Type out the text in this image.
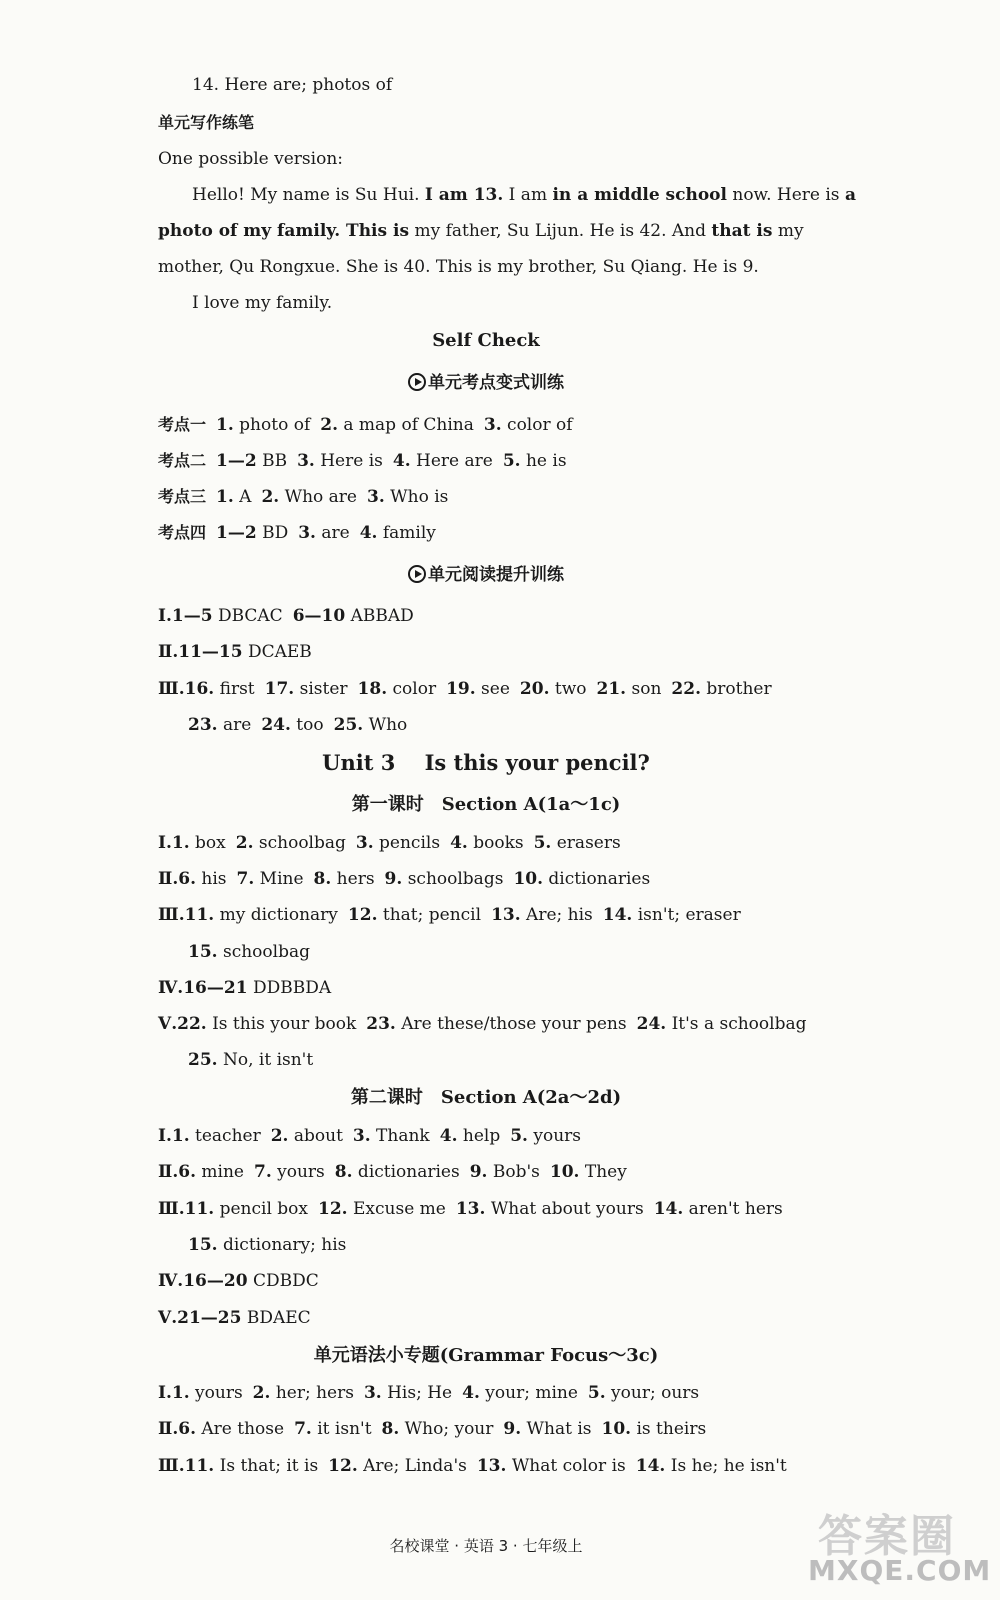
14. Here are; photos of
单元写作练笔
One possible version:
Hello! My name is Su Hui. I am 13. I am in a middle school now. Here is a
photo of my family. This is my father, Su Lijun. He is 42. And that is my
mother, Qu Rongxue. She is 40. This is my brother, Su Qiang. He is 9.
I love my family.
Self Check
单元考点变式训练
考点一 1. photo of 2. a map of China 3. color of
考点二 1—2 BB 3. Here is 4. Here are 5. he is
考点三 1. A 2. Who are 3. Who is
考点四 1—2 BD 3. are 4. family
单元阅读提升训练
Ⅰ.1—5 DBCAC 6—10 ABBAD
Ⅱ.11—15 DCAEB
Ⅲ.16. first 17. sister 18. color 19. see 20. two 21. son 22. brother
23. are 24. too 25. Who
Unit 3    Is this your pencil?
第一课时　Section A(1a～1c)
Ⅰ.1. box 2. schoolbag 3. pencils 4. books 5. erasers
Ⅱ.6. his 7. Mine 8. hers 9. schoolbags 10. dictionaries
Ⅲ.11. my dictionary 12. that; pencil 13. Are; his 14. isn't; eraser
15. schoolbag
Ⅳ.16—21 DDBBDA
Ⅴ.22. Is this your book 23. Are these/those your pens 24. It's a schoolbag
25. No, it isn't
第二课时　Section A(2a～2d)
Ⅰ.1. teacher 2. about 3. Thank 4. help 5. yours
Ⅱ.6. mine 7. yours 8. dictionaries 9. Bob's 10. They
Ⅲ.11. pencil box 12. Excuse me 13. What about yours 14. aren't hers
15. dictionary; his
Ⅳ.16—20 CDBDC
Ⅴ.21—25 BDAEC
单元语法小专题(Grammar Focus～3c)
Ⅰ.1. yours 2. her; hers 3. His; He 4. your; mine 5. your; ours
Ⅱ.6. Are those 7. it isn't 8. Who; your 9. What is 10. is theirs
Ⅲ.11. Is that; it is 12. Are; Linda's 13. What color is 14. Is he; he isn't
名校课堂 · 英语 3 · 七年级上	答案圈
MXQE.COM
